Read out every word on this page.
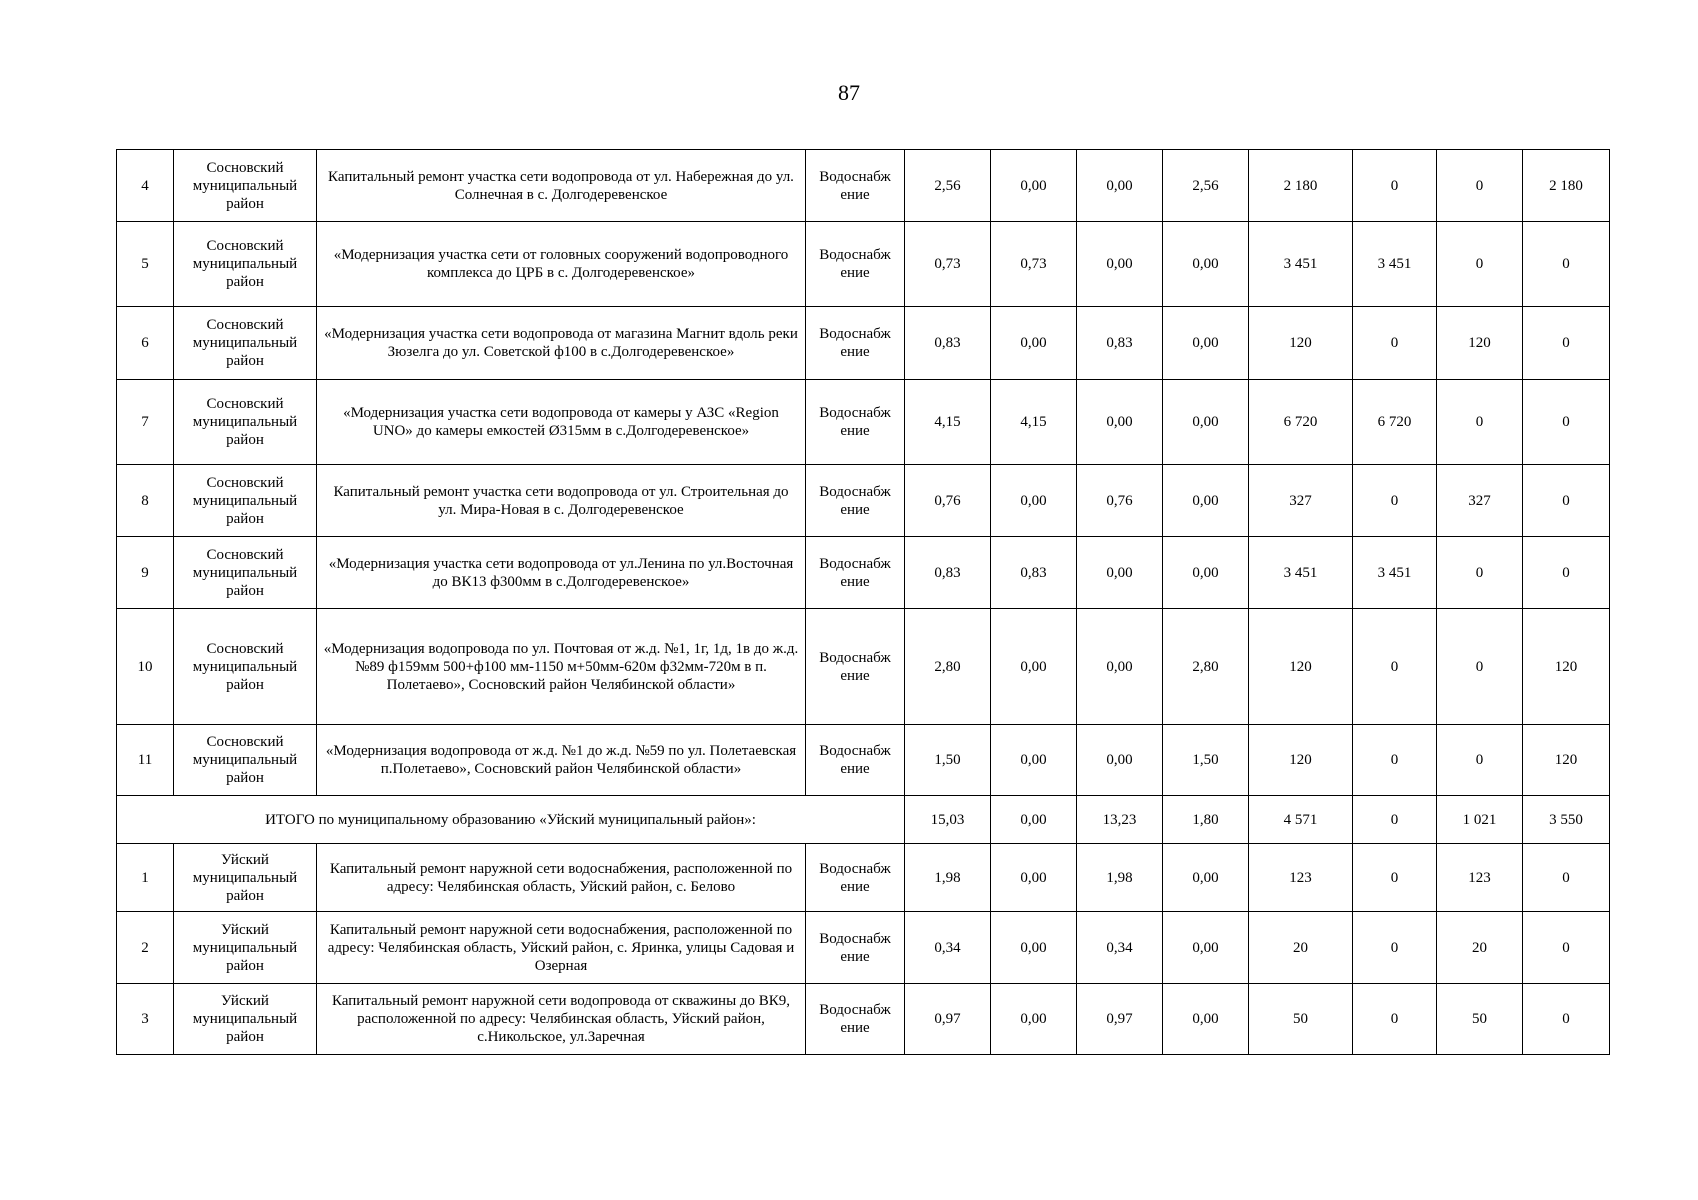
87
4	Сосновский муниципальный район	Капитальный ремонт участка сети водопровода от ул. Набережная до ул. Солнечная в с. Долгодеревенское	Водоснабж ение	2,56	0,00	0,00	2,56	2 180	0	0	2 180
5	Сосновский муниципальный район	«Модернизация участка сети от головных сооружений водопроводного комплекса до ЦРБ в с. Долгодеревенское»	Водоснабж ение	0,73	0,73	0,00	0,00	3 451	3 451	0	0
6	Сосновский муниципальный район	«Модернизация участка сети водопровода от магазина Магнит вдоль реки Зюзелга до ул. Советской ф100 в с.Долгодеревенское»	Водоснабж ение	0,83	0,00	0,83	0,00	120	0	120	0
7	Сосновский муниципальный район	«Модернизация участка сети водопровода от камеры у АЗС «Region UNO» до камеры емкостей Ø315мм в с.Долгодеревенское»	Водоснабж ение	4,15	4,15	0,00	0,00	6 720	6 720	0	0
8	Сосновский муниципальный район	Капитальный ремонт участка сети водопровода от ул. Строительная до ул. Мира-Новая в с. Долгодеревенское	Водоснабж ение	0,76	0,00	0,76	0,00	327	0	327	0
9	Сосновский муниципальный район	«Модернизация участка сети водопровода от ул.Ленина по ул.Восточная до ВК13 ф300мм в с.Долгодеревенское»	Водоснабж ение	0,83	0,83	0,00	0,00	3 451	3 451	0	0
10	Сосновский муниципальный район	«Модернизация водопровода по ул. Почтовая от ж.д. №1, 1г, 1д, 1в до ж.д. №89 ф159мм 500+ф100 мм-1150 м+50мм-620м ф32мм-720м в п. Полетаево», Сосновский район Челябинской области»	Водоснабж ение	2,80	0,00	0,00	2,80	120	0	0	120
11	Сосновский муниципальный район	«Модернизация водопровода от ж.д. №1 до ж.д. №59 по ул. Полетаевская п.Полетаево», Сосновский район Челябинской области»	Водоснабж ение	1,50	0,00	0,00	1,50	120	0	0	120
ИТОГО по муниципальному образованию «Уйский муниципальный район»:				15,03	0,00	13,23	1,80	4 571	0	1 021	3 550
1	Уйский муниципальный район	Капитальный ремонт наружной сети водоснабжения, расположенной по адресу: Челябинская область, Уйский район, с. Белово	Водоснабж ение	1,98	0,00	1,98	0,00	123	0	123	0
2	Уйский муниципальный район	Капитальный ремонт наружной сети водоснабжения, расположенной по адресу: Челябинская область, Уйский район, с. Яринка, улицы Садовая и Озерная	Водоснабж ение	0,34	0,00	0,34	0,00	20	0	20	0
3	Уйский муниципальный район	Капитальный ремонт наружной сети водопровода от скважины до ВК9, расположенной по адресу: Челябинская область, Уйский район, с.Никольское, ул.Заречная	Водоснабж ение	0,97	0,00	0,97	0,00	50	0	50	0
